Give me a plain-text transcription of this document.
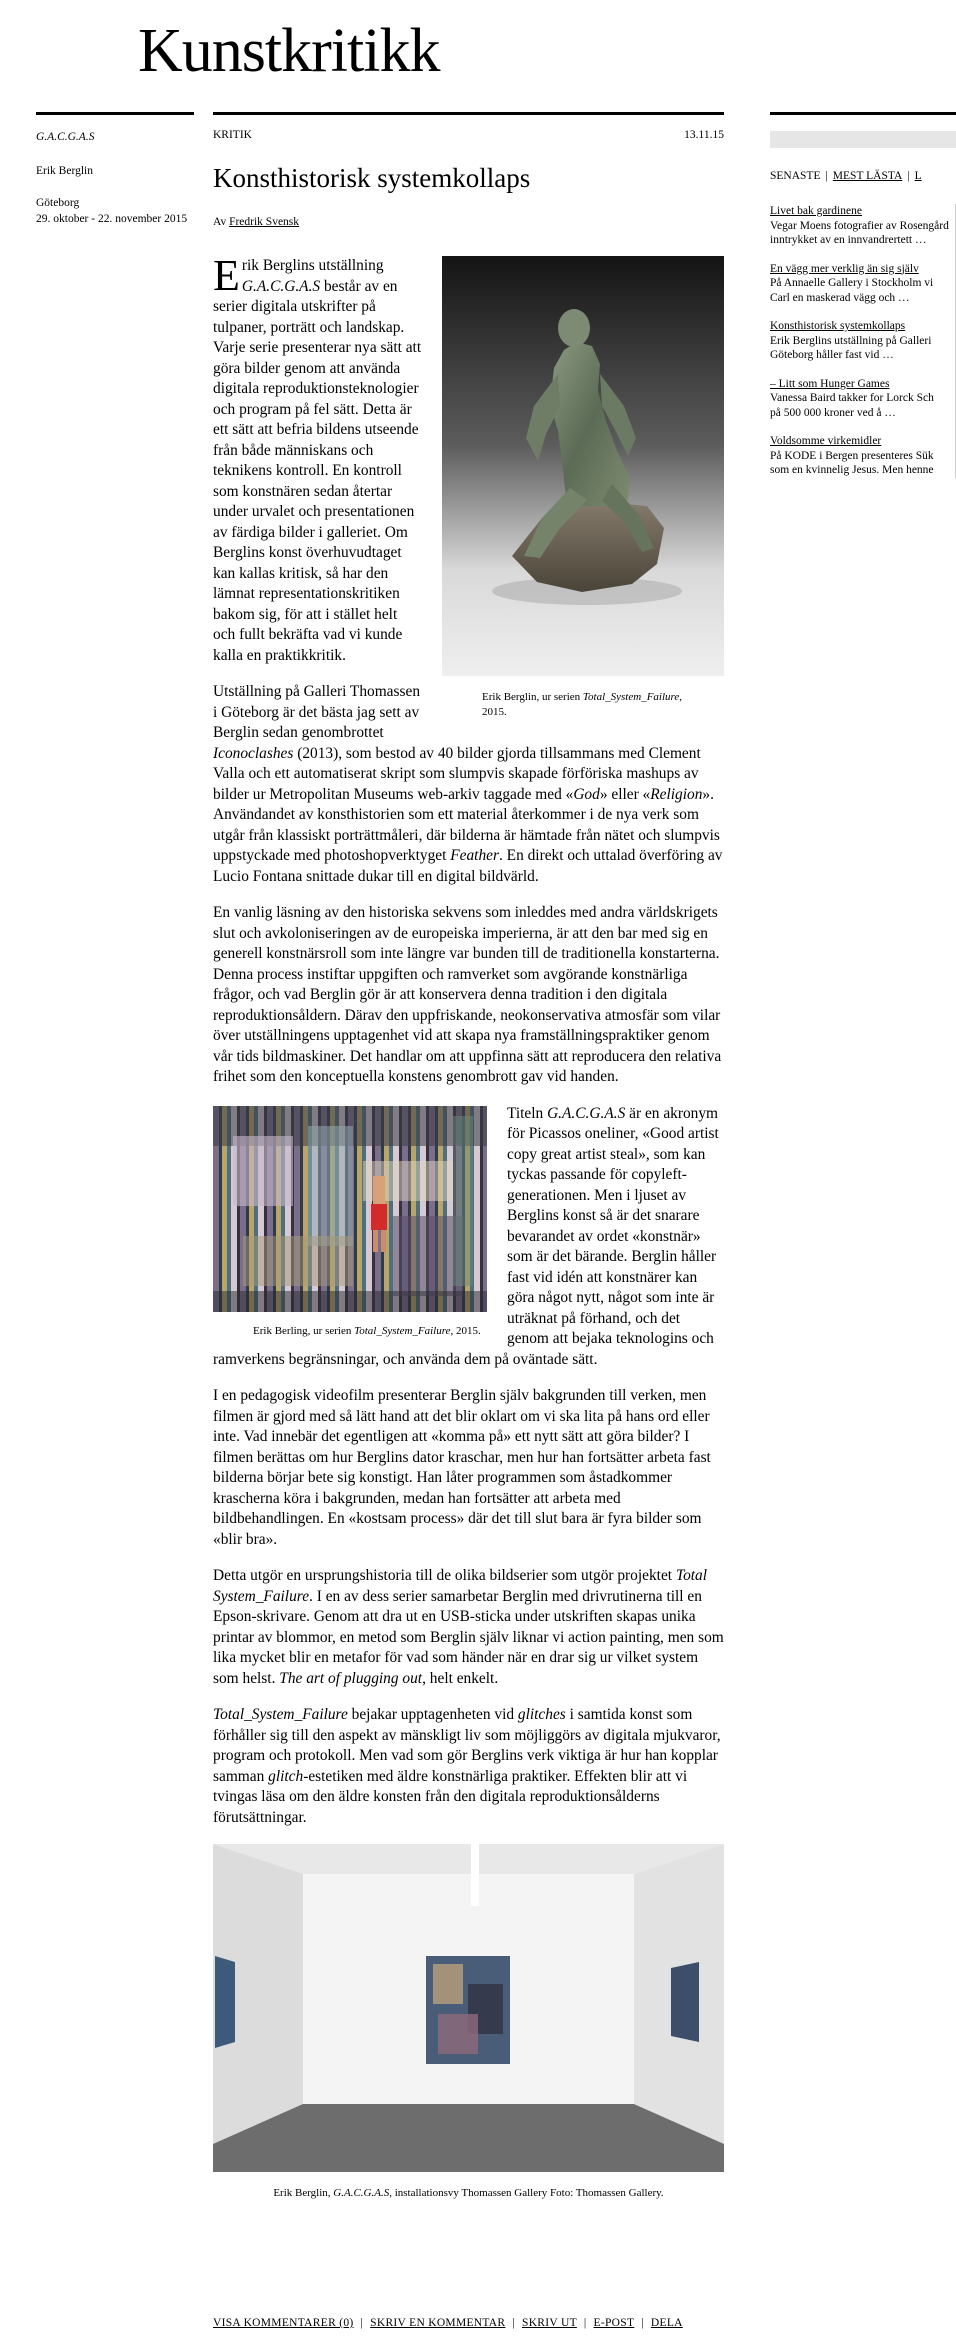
Kunstkritikk
G.A.C.G.A.S
Erik Berglin
Göteborg
29. oktober - 22. november 2015
KRITIK	13.11.15
Konsthistorisk systemkollaps
Av Fredrik Svensk
Erik Berglin, ur serien Total_System_Failure, 2015.

Erik Berglins utställning G.A.C.G.A.S består av en serier digitala utskrifter på tulpaner, porträtt och landskap. Varje serie presenterar nya sätt att göra bilder genom att använda digitala reproduktionsteknologier och program på fel sätt. Detta är ett sätt att befria bildens utseende från både människans och teknikens kontroll. En kontroll som konstnären sedan återtar under urvalet och presentationen av färdiga bilder i galleriet. Om Berglins konst överhuvudtaget kan kallas kritisk, så har den lämnat representationskritiken bakom sig, för att i stället helt och fullt bekräfta vad vi kunde kalla en praktikkritik.

Utställning på Galleri Thomassen i Göteborg är det bästa jag sett av Berglin sedan genombrottet Iconoclashes (2013), som bestod av 40 bilder gjorda tillsammans med Clement Valla och ett automatiserat skript som slumpvis skapade förföriska mashups av bilder ur Metropolitan Museums web-arkiv taggade med «God» eller «Religion». Användandet av konsthistorien som ett material återkommer i de nya verk som utgår från klassiskt porträttmåleri, där bilderna är hämtade från nätet och slumpvis uppstyckade med photoshopverktyget Feather. En direkt och uttalad överföring av Lucio Fontana snittade dukar till en digital bildvärld.

En vanlig läsning av den historiska sekvens som inleddes med andra världskrigets slut och avkoloniseringen av de europeiska imperierna, är att den bar med sig en generell konstnärsroll som inte längre var bunden till de traditionella konstarterna. Denna process instiftar uppgiften och ramverket som avgörande konstnärliga frågor, och vad Berglin gör är att konservera denna tradition i den digitala reproduktionsåldern. Därav den uppfriskande, neokonservativa atmosfär som vilar över utställningens upptagenhet vid att skapa nya framställningspraktiker genom vår tids bildmaskiner. Det handlar om att uppfinna sätt att reproducera den relativa frihet som den konceptuella konstens genombrott gav vid handen.

Erik Berling, ur serien Total_System_Failure, 2015.

Titeln G.A.C.G.A.S är en akronym för Picassos oneliner, «Good artist copy great artist steal», som kan tyckas passande för copyleft-generationen. Men i ljuset av Berglins konst så är det snarare bevarandet av ordet «konstnär» som är det bärande. Berglin håller fast vid idén att konstnärer kan göra något nytt, något som inte är uträknat på förhand, och det genom att bejaka teknologins och ramverkens begränsningar, och använda dem på oväntade sätt.

I en pedagogisk videofilm presenterar Berglin själv bakgrunden till verken, men filmen är gjord med så lätt hand att det blir oklart om vi ska lita på hans ord eller inte. Vad innebär det egentligen att «komma på» ett nytt sätt att göra bilder? I filmen berättas om hur Berglins dator kraschar, men hur han fortsätter arbeta fast bilderna börjar bete sig konstigt. Han låter programmen som åstadkommer krascherna köra i bakgrunden, medan han fortsätter att arbeta med bildbehandlingen. En «kostsam process» där det till slut bara är fyra bilder som «blir bra».

Detta utgör en ursprungshistoria till de olika bildserier som utgör projektet Total System_Failure. I en av dess serier samarbetar Berglin med drivrutinerna till en Epson-skrivare. Genom att dra ut en USB-sticka under utskriften skapas unika printar av blommor, en metod som Berglin själv liknar vi action painting, men som lika mycket blir en metafor för vad som händer när en drar sig ur vilket system som helst. The art of plugging out, helt enkelt.

Total_System_Failure bejakar upptagenheten vid glitches i samtida konst som förhåller sig till den aspekt av mänskligt liv som möjliggörs av digitala mjukvaror, program och protokoll. Men vad som gör Berglins verk viktiga är hur han kopplar samman glitch-estetiken med äldre konstnärliga praktiker. Effekten blir att vi tvingas läsa om den äldre konsten från den digitala reproduktionsålderns förutsättningar.

Erik Berglin, G.A.C.G.A.S, installationsvy Thomassen Gallery Foto: Thomassen Gallery.
VISA KOMMENTARER (0) | SKRIV EN KOMMENTAR | SKRIV UT | E-POST | DELA
SENASTE | MEST LÄSTA | L
Livet bak gardinene
Vegar Moens fotografier av Rosengård
inntrykket av en innvandrertett …
En vägg mer verklig än sig själv
På Annaelle Gallery i Stockholm vi
Carl en maskerad vägg och …
Konsthistorisk systemkollaps
Erik Berglins utställning på Galleri
Göteborg håller fast vid …
– Litt som Hunger Games
Vanessa Baird takker for Lorck Sch
på 500 000 kroner ved å …
Voldsomme virkemidler
På KODE i Bergen presenteres Sük
som en kvinnelig Jesus. Men henne
